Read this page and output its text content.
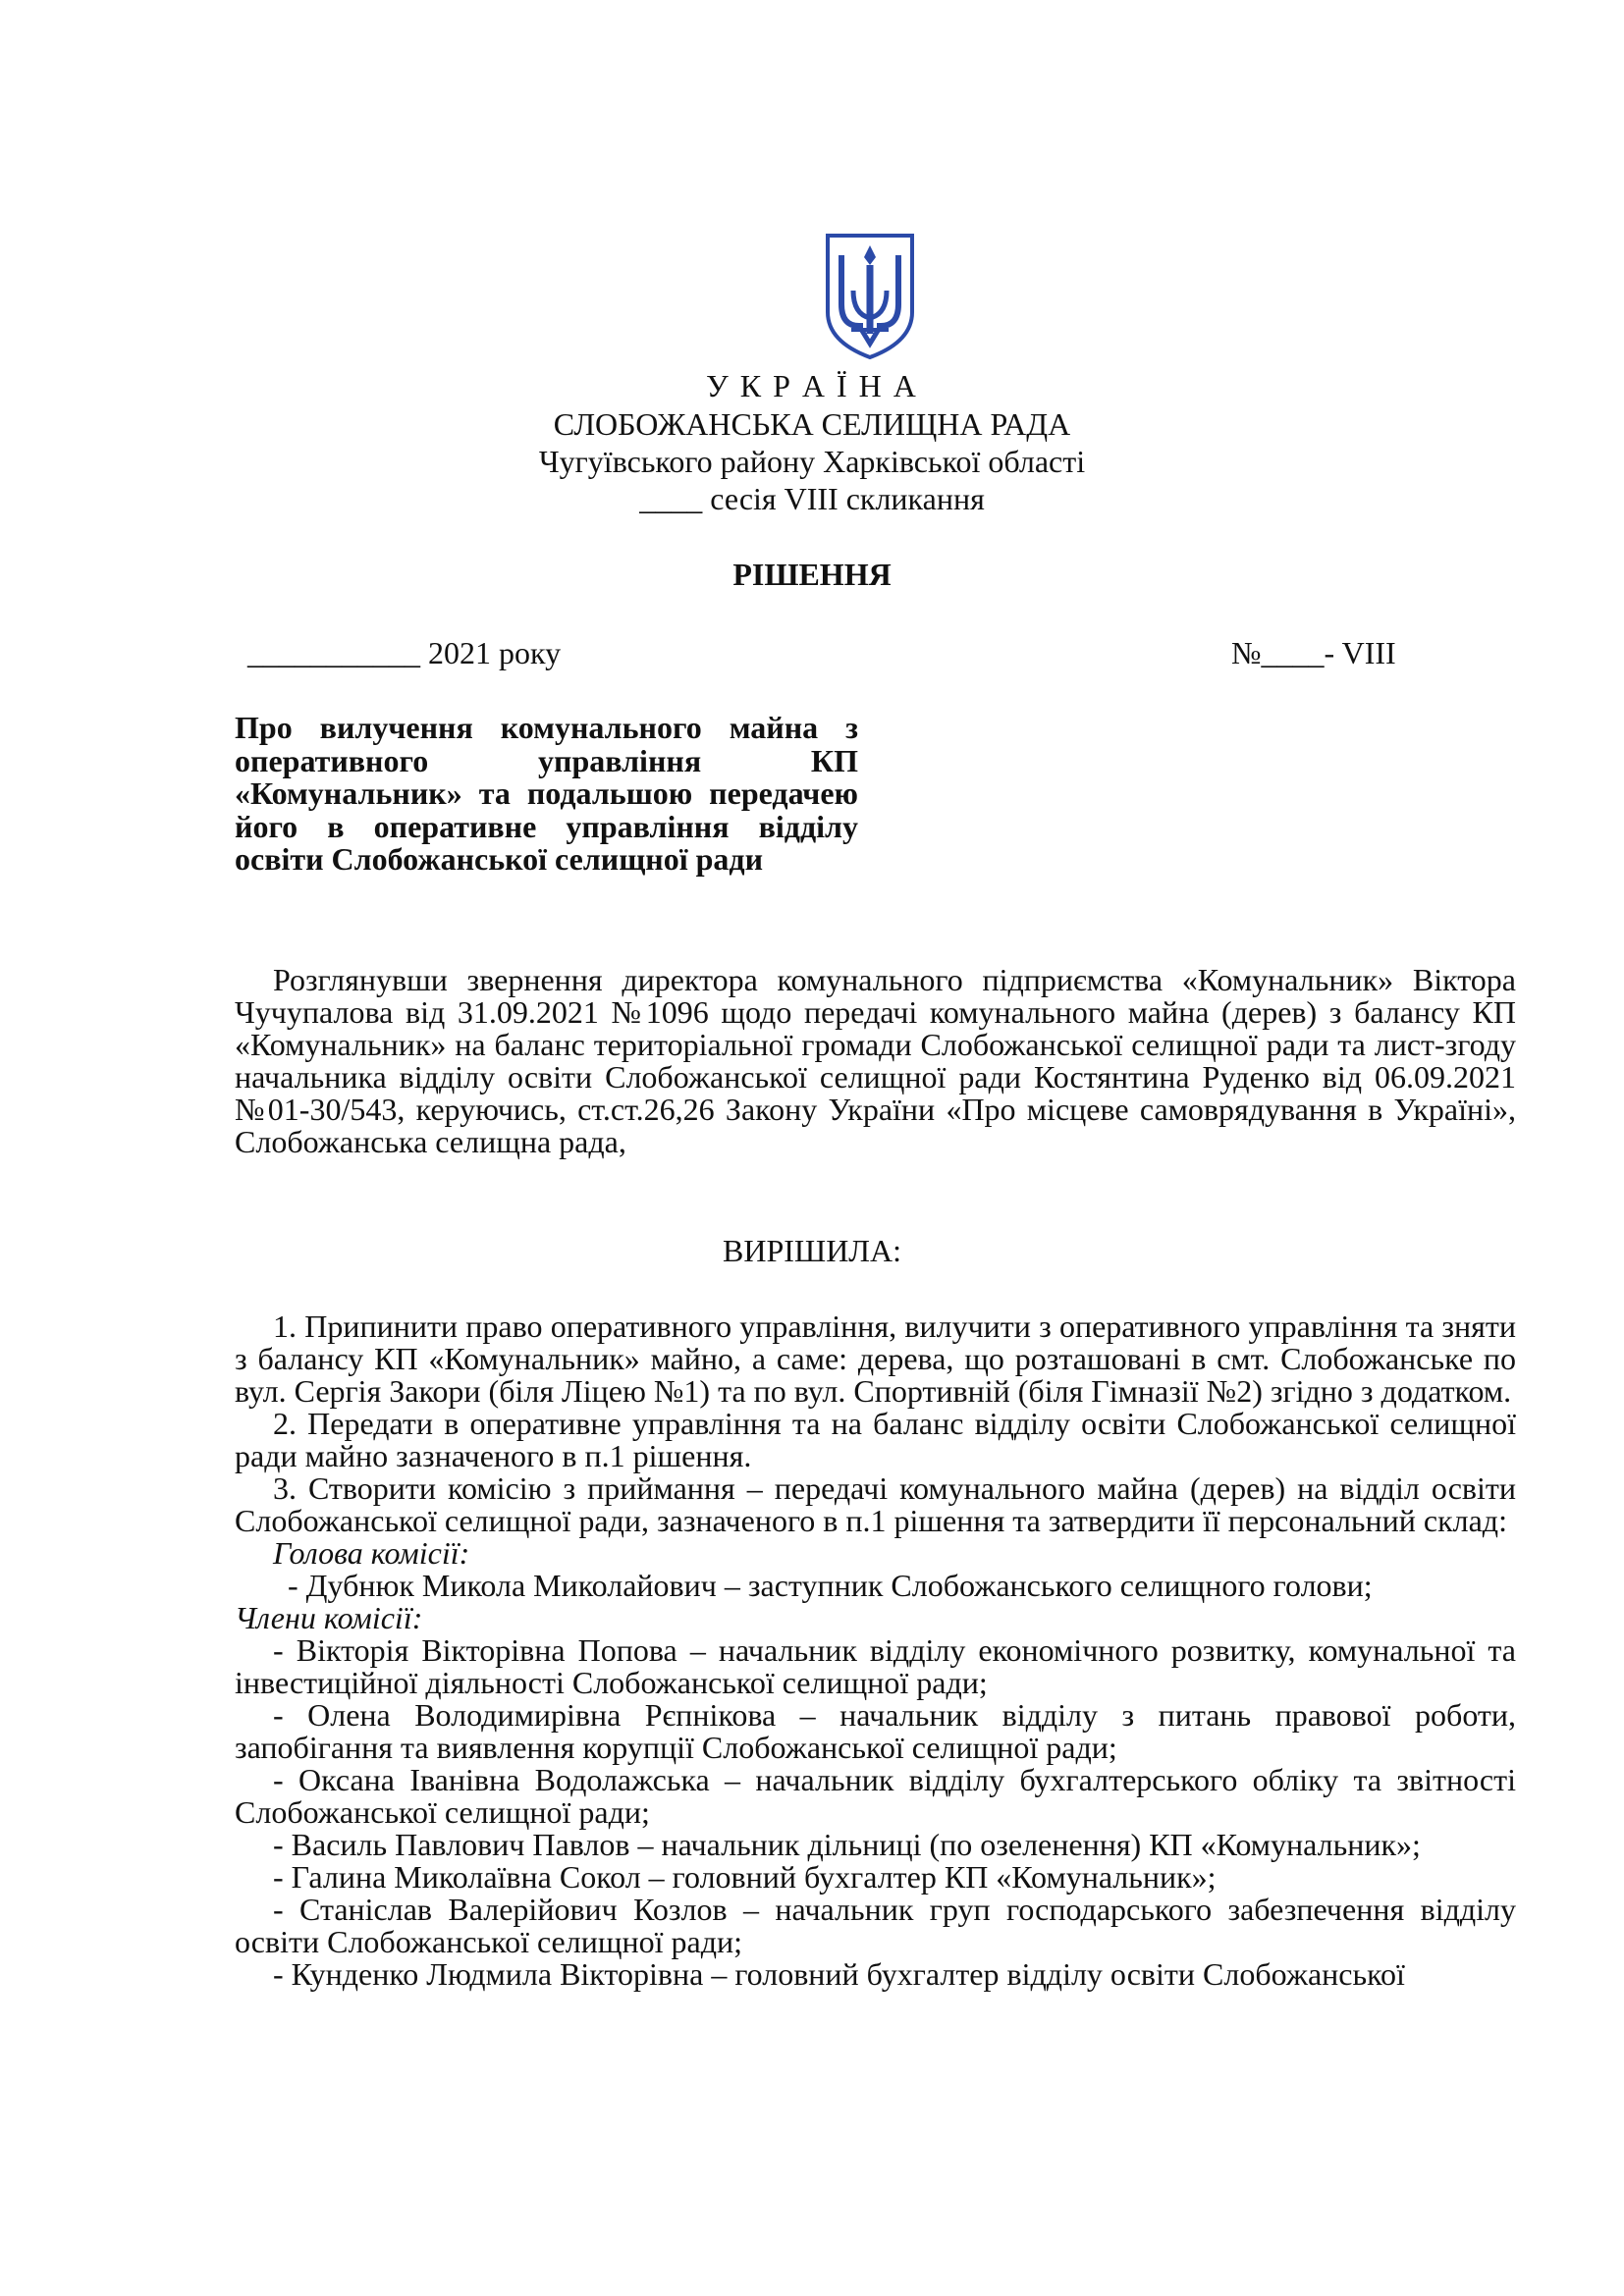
У К Р А Ї Н А
СЛОБОЖАНСЬКА СЕЛИЩНА РАДА
Чугуївського району Харківської області
____ сесія VIII скликання
РІШЕННЯ
___________ 2021 року	№____- VIII

Про вилучення комунального майна з оперативного управління КП «Комунальник» та подальшою передачею його в оперативне управління відділу освіти Слобожанської селищної ради

Розглянувши звернення директора комунального підприємства «Комунальник» Віктора Чучупалова від 31.09.2021 №1096 щодо передачі комунального майна (дерев) з балансу КП «Комунальник» на баланс територіальної громади Слобожанської селищної ради та лист-згоду начальника відділу освіти Слобожанської селищної ради Костянтина Руденко від 06.09.2021 №01-30/543, керуючись, ст.ст.26,26 Закону України «Про місцеве самоврядування в Україні», Слобожанська селищна рада,

ВИРІШИЛА:

1. Припинити право оперативного управління, вилучити з оперативного управління та зняти з балансу КП «Комунальник» майно, а саме: дерева, що розташовані в смт. Слобожанське по вул. Сергія Закори (біля Ліцею №1) та по вул. Спортивній (біля Гімназії №2) згідно з додатком.

2. Передати в оперативне управління та на баланс відділу освіти Слобожанської селищної ради майно зазначеного в п.1 рішення.

3. Створити комісію з приймання – передачі комунального майна (дерев) на відділ освіти Слобожанської селищної ради, зазначеного в п.1 рішення та затвердити її персональний склад:

Голова комісії:

- Дубнюк Микола Миколайович – заступник Слобожанського селищного голови;

Члени комісії:

- Вікторія Вікторівна Попова – начальник відділу економічного розвитку, комунальної та інвестиційної діяльності Слобожанської селищної ради;

- Олена Володимирівна Рєпнікова – начальник відділу з питань правової роботи, запобігання та виявлення корупції Слобожанської селищної ради;

- Оксана Іванівна Водолажська – начальник відділу бухгалтерського обліку та звітності Слобожанської селищної ради;

- Василь Павлович Павлов – начальник дільниці (по озеленення) КП «Комунальник»;

- Галина Миколаївна Сокол – головний бухгалтер КП «Комунальник»;

- Станіслав Валерійович Козлов – начальник груп господарського забезпечення відділу освіти Слобожанської селищної ради;

- Кунденко Людмила Вікторівна – головний бухгалтер відділу освіти Слобожанської
